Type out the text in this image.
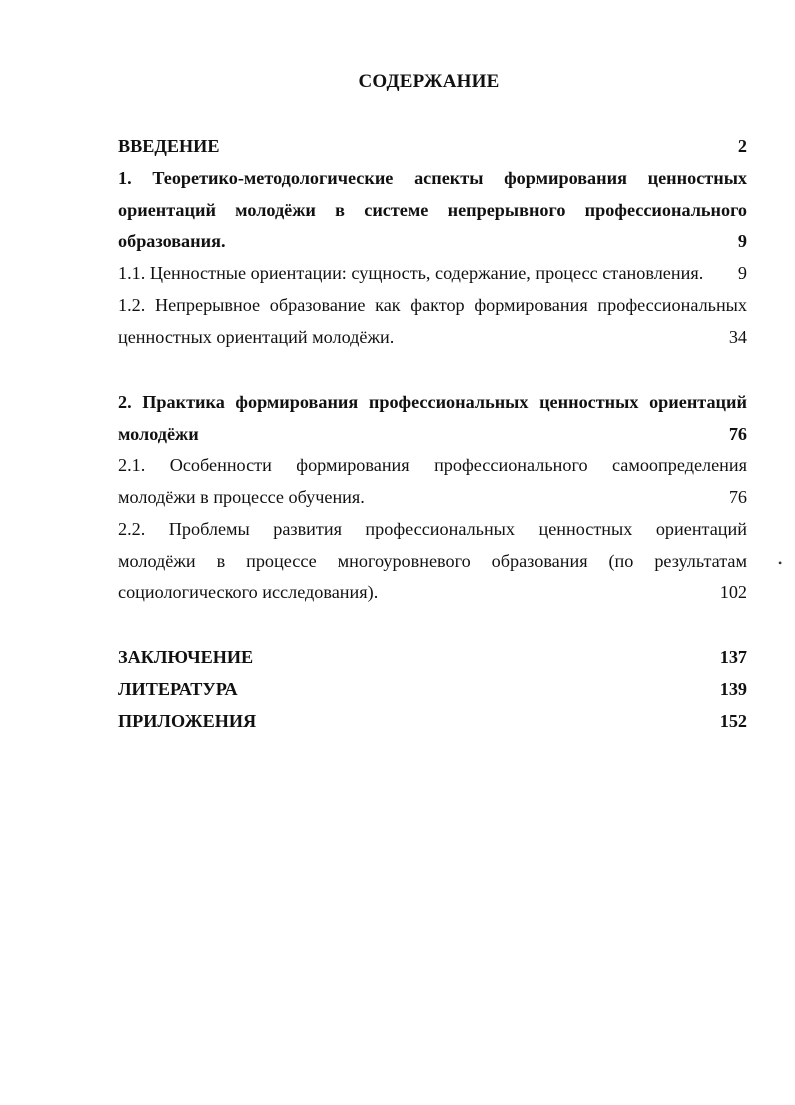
СОДЕРЖАНИЕ
ВВЕДЕНИЕ	2
1. Теоретико-методологические аспекты формирования ценностных
ориентаций молодёжи в системе непрерывного профессионального
образования.	9
1.1. Ценностные ориентации: сущность, содержание, процесс становления. 9
1.2. Непрерывное образование как фактор формирования профессиональных
ценностных ориентаций молодёжи.	34
2. Практика формирования профессиональных ценностных ориентаций
молодёжи	76
2.1. Особенности формирования профессионального самоопределения
молодёжи в процессе обучения.	76
2.2. Проблемы развития профессиональных ценностных ориентаций
молодёжи в процессе многоуровневого образования (по результатам
социологического исследования).	102
ЗАКЛЮЧЕНИЕ	137
ЛИТЕРАТУРА	139
ПРИЛОЖЕНИЯ	152
•
